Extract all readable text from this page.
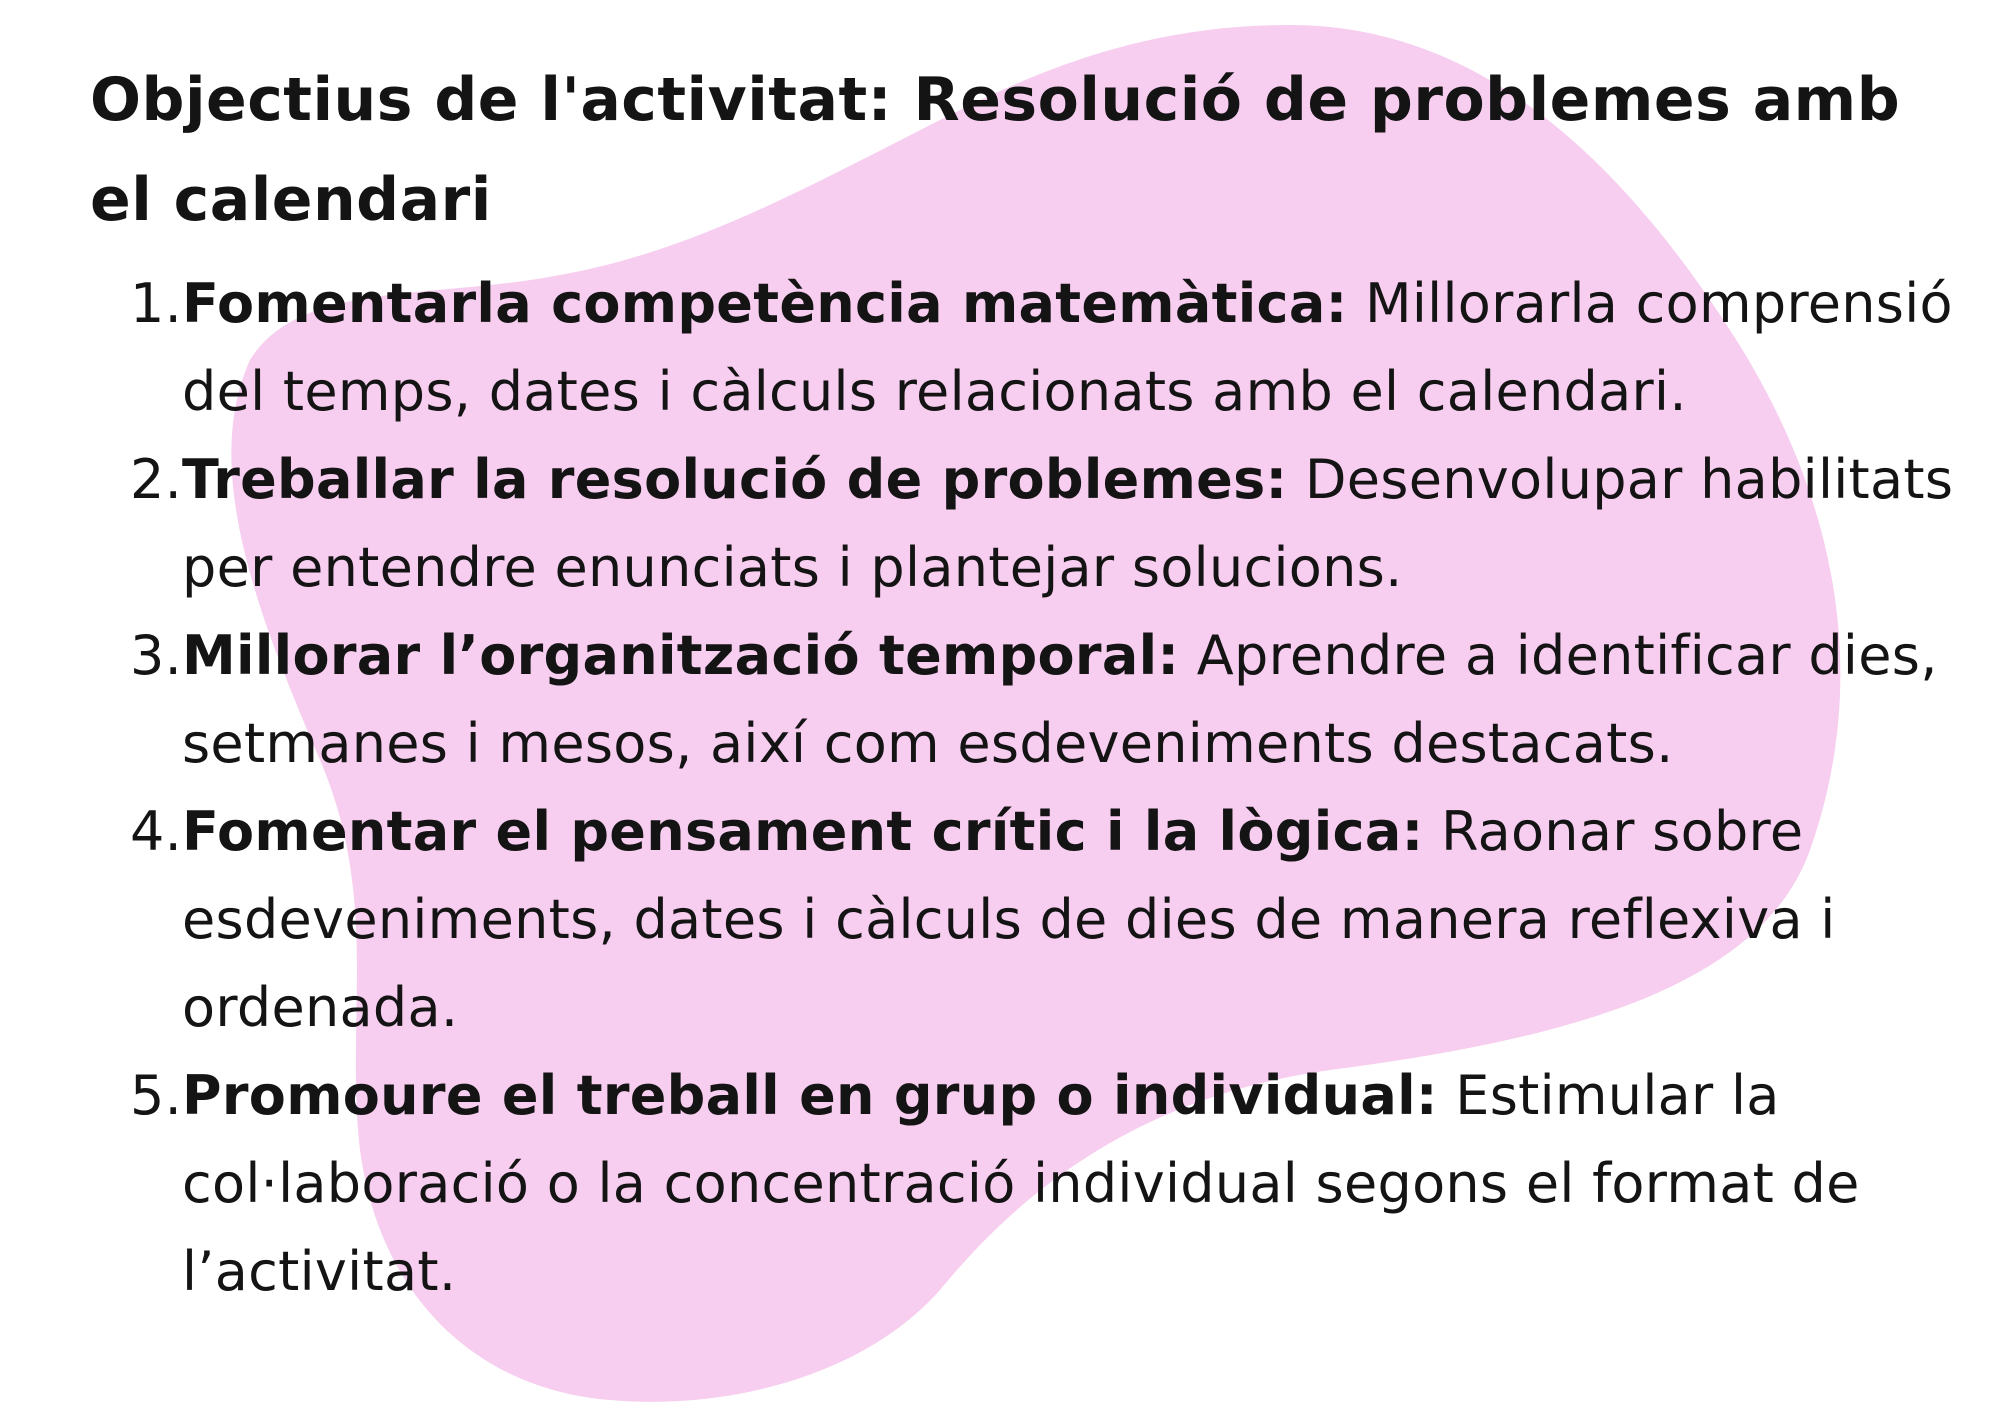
Objectius de l'activitat: Resolució de problemes amb el calendari
1. Fomentarla competència matemàtica: Millorarla comprensió del temps, dates i càlculs relacionats amb el calendari.
2. Treballar la resolució de problemes: Desenvolupar habilitats per entendre enunciats i plantejar solucions.
3. Millorar l’organització temporal: Aprendre a identificar dies, setmanes i mesos, així com esdeveniments destacats.
4. Fomentar el pensament crític i la lògica: Raonar sobre esdeveniments, dates i càlculs de dies de manera reflexiva i ordenada.
5. Promoure el treball en grup o individual: Estimular la col·laboració o la concentració individual segons el format de l’activitat.
